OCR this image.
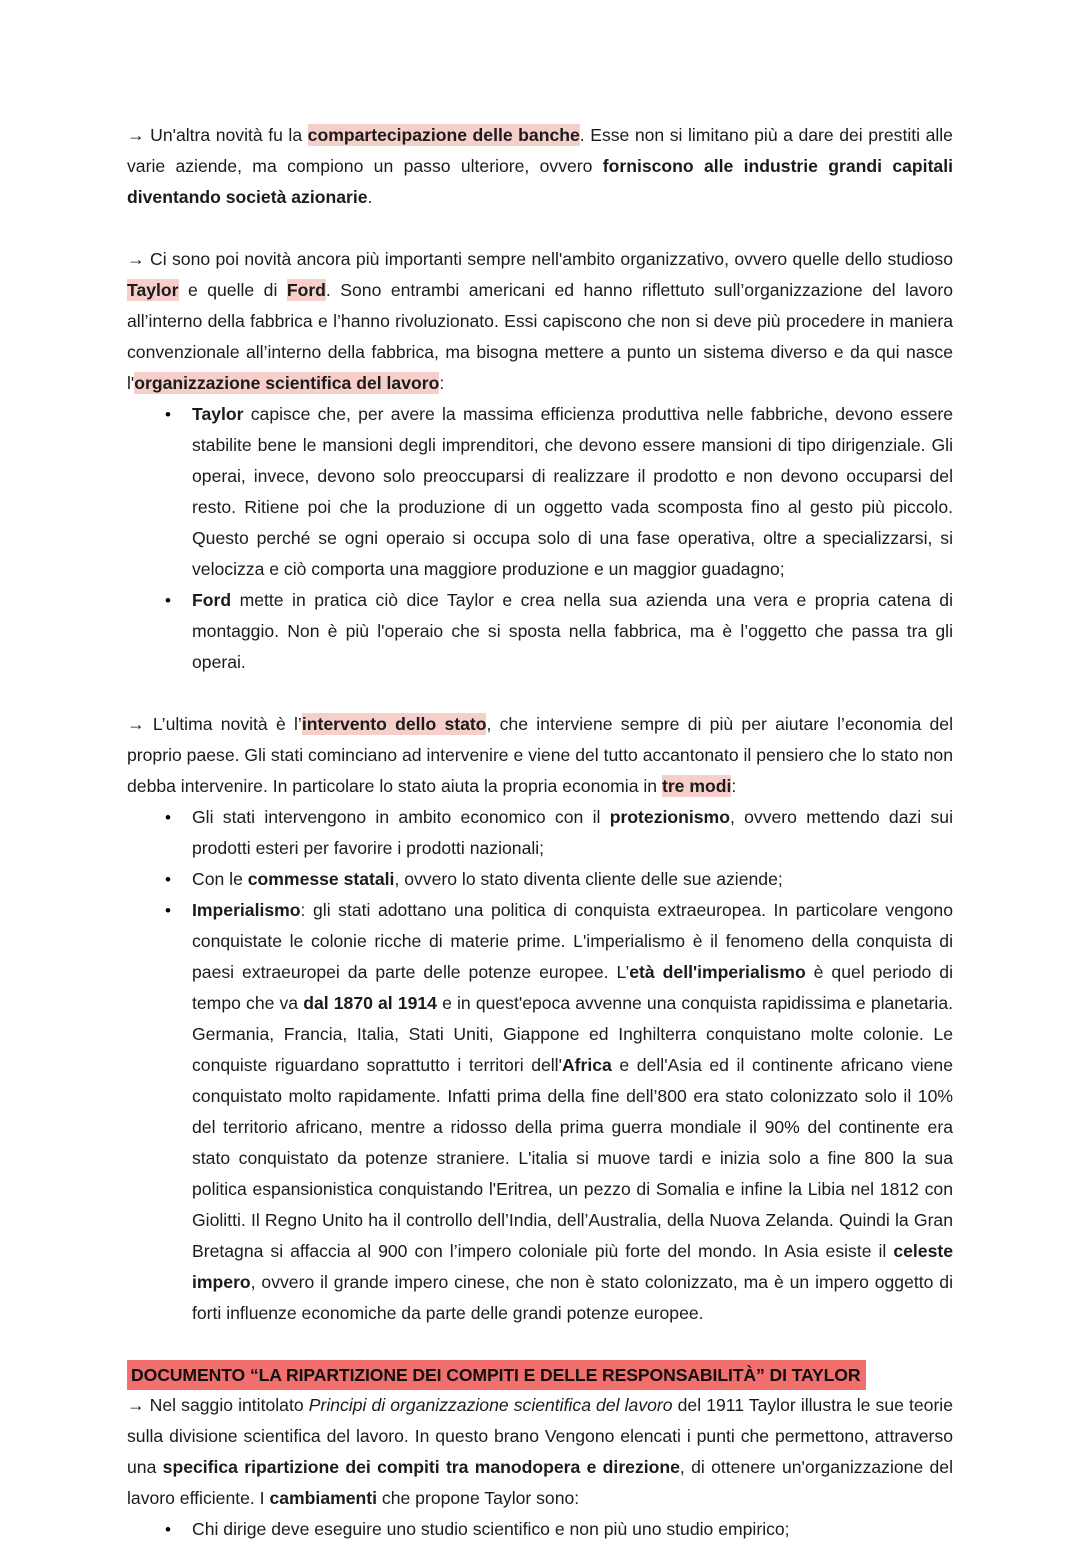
→ Un'altra novità fu la compartecipazione delle banche. Esse non si limitano più a dare dei prestiti alle varie aziende, ma compiono un passo ulteriore, ovvero forniscono alle industrie grandi capitali diventando società azionarie.

→ Ci sono poi novità ancora più importanti sempre nell'ambito organizzativo, ovvero quelle dello studioso Taylor e quelle di Ford. Sono entrambi americani ed hanno riflettuto sull’organizzazione del lavoro all’interno della fabbrica e l’hanno rivoluzionato. Essi capiscono che non si deve più procedere in maniera convenzionale all’interno della fabbrica, ma bisogna mettere a punto un sistema diverso e da qui nasce l'organizzazione scientifica del lavoro:

• Taylor capisce che, per avere la massima efficienza produttiva nelle fabbriche, devono essere stabilite bene le mansioni degli imprenditori, che devono essere mansioni di tipo dirigenziale. Gli operai, invece, devono solo preoccuparsi di realizzare il prodotto e non devono occuparsi del resto. Ritiene poi che la produzione di un oggetto vada scomposta fino al gesto più piccolo. Questo perché se ogni operaio si occupa solo di una fase operativa, oltre a specializzarsi, si velocizza e ciò comporta una maggiore produzione e un maggior guadagno;
• Ford mette in pratica ciò dice Taylor e crea nella sua azienda una vera e propria catena di montaggio. Non è più l'operaio che si sposta nella fabbrica, ma è l’oggetto che passa tra gli operai.

→ L’ultima novità è l’intervento dello stato, che interviene sempre di più per aiutare l’economia del proprio paese. Gli stati cominciano ad intervenire e viene del tutto accantonato il pensiero che lo stato non debba intervenire. In particolare lo stato aiuta la propria economia in tre modi:

• Gli stati intervengono in ambito economico con il protezionismo, ovvero mettendo dazi sui prodotti esteri per favorire i prodotti nazionali;
• Con le commesse statali, ovvero lo stato diventa cliente delle sue aziende;
• Imperialismo: gli stati adottano una politica di conquista extraeuropea. In particolare vengono conquistate le colonie ricche di materie prime. L'imperialismo è il fenomeno della conquista di paesi extraeuropei da parte delle potenze europee. L’età dell'imperialismo è quel periodo di tempo che va dal 1870 al 1914 e in quest'epoca avvenne una conquista rapidissima e planetaria. Germania, Francia, Italia, Stati Uniti, Giappone ed Inghilterra conquistano molte colonie. Le conquiste riguardano soprattutto i territori dell'Africa e dell'Asia ed il continente africano viene conquistato molto rapidamente. Infatti prima della fine dell’800 era stato colonizzato solo il 10% del territorio africano, mentre a ridosso della prima guerra mondiale il 90% del continente era stato conquistato da potenze straniere. L'italia si muove tardi e inizia solo a fine 800 la sua politica espansionistica conquistando l'Eritrea, un pezzo di Somalia e infine la Libia nel 1812 con Giolitti. Il Regno Unito ha il controllo dell’India, dell’Australia, della Nuova Zelanda. Quindi la Gran Bretagna si affaccia al 900 con l’impero coloniale più forte del mondo. In Asia esiste il celeste impero, ovvero il grande impero cinese, che non è stato colonizzato, ma è un impero oggetto di forti influenze economiche da parte delle grandi potenze europee.
DOCUMENTO “LA RIPARTIZIONE DEI COMPITI E DELLE RESPONSABILITÀ” DI TAYLOR

→ Nel saggio intitolato Principi di organizzazione scientifica del lavoro del 1911 Taylor illustra le sue teorie sulla divisione scientifica del lavoro. In questo brano Vengono elencati i punti che permettono, attraverso una specifica ripartizione dei compiti tra manodopera e direzione, di ottenere un'organizzazione del lavoro efficiente. I cambiamenti che propone Taylor sono:

• Chi dirige deve eseguire uno studio scientifico e non più uno studio empirico;
